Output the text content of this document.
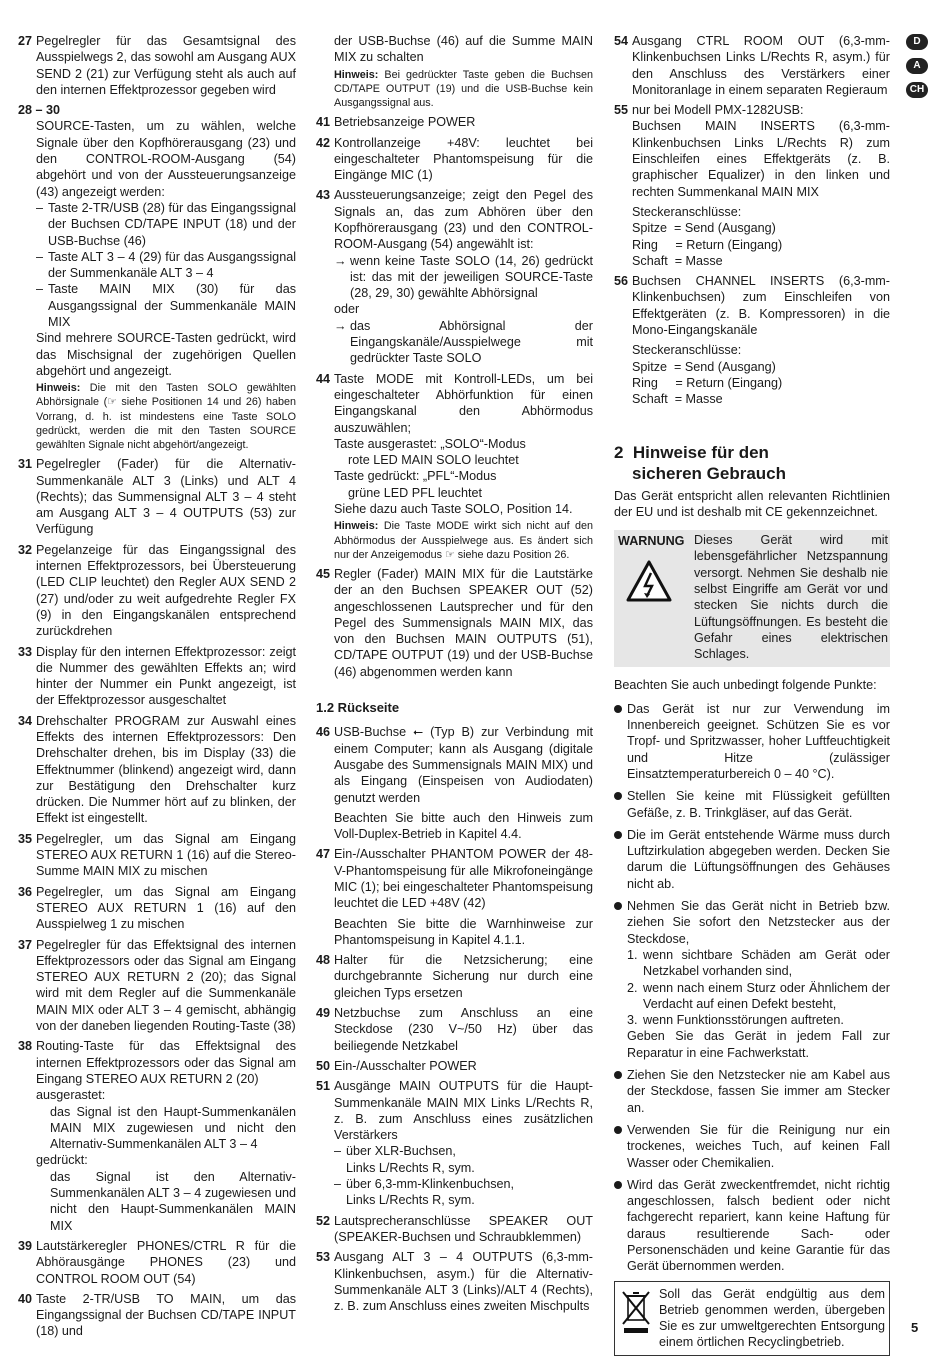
D
A
CH
27 Pegelregler für das Gesamtsignal des Ausspielwegs 2, das sowohl am Ausgang AUX SEND 2 (21) zur Verfügung steht als auch auf den internen Effektprozessor gegeben wird

28 – 30

SOURCE-Tasten, um zu wählen, welche Signale über den Kopfhörerausgang (23) und den CONTROL-ROOM-Ausgang (54) abgehört und von der Aussteuerungsanzeige (43) angezeigt werden:

– Taste 2-TR/USB (28) für das Eingangssignal der Buchsen CD/TAPE INPUT (18) und der USB-Buchse (46)
– Taste ALT 3 – 4 (29) für das Ausgangssignal der Summenkanäle ALT 3 – 4
– Taste MAIN MIX (30) für das Ausgangssignal der Summenkanäle MAIN MIX

Sind mehrere SOURCE-Tasten gedrückt, wird das Mischsignal der zugehörigen Quellen abgehört und angezeigt.

Hinweis: Die mit den Tasten SOLO gewählten Abhörsignale (☞ siehe Positionen 14 und 26) haben Vorrang, d. h. ist mindestens eine Taste SOLO gedrückt, werden die mit den Tasten SOURCE gewählten Signale nicht abgehört/angezeigt.
31 Pegelregler (Fader) für die Alternativ-Summenkanäle ALT 3 (Links) und ALT 4 (Rechts); das Summensignal ALT 3 – 4 steht am Ausgang ALT 3 – 4 OUTPUTS (53) zur Verfügung

32 Pegelanzeige für das Eingangssignal des internen Effektprozessors, bei Übersteuerung (LED CLIP leuchtet) den Regler AUX SEND 2 (27) und/oder zu weit aufgedrehte Regler FX (9) in den Eingangskanälen entsprechend zurückdrehen

33 Display für den internen Effektprozessor: zeigt die Nummer des gewählten Effekts an; wird hinter der Nummer ein Punkt angezeigt, ist der Effektprozessor ausgeschaltet

34 Drehschalter PROGRAM zur Auswahl eines Effekts des internen Effektprozessors: Den Drehschalter drehen, bis im Display (33) die Effektnummer (blinkend) angezeigt wird, dann zur Bestätigung den Drehschalter kurz drücken. Die Nummer hört auf zu blinken, der Effekt ist eingestellt.

35 Pegelregler, um das Signal am Eingang STEREO AUX RETURN 1 (16) auf die Stereo-Summe MAIN MIX zu mischen

36 Pegelregler, um das Signal am Eingang STEREO AUX RETURN 1 (16) auf den Ausspielweg 1 zu mischen

37 Pegelregler für das Effektsignal des internen Effektprozessors oder das Signal am Eingang STEREO AUX RETURN 2 (20); das Signal wird mit dem Regler auf die Summenkanäle MAIN MIX oder ALT 3 – 4 gemischt, abhängig von der daneben liegenden Routing-Taste (38)

38 Routing-Taste für das Effektsignal des internen Effektprozessors oder das Signal am Eingang STEREO AUX RETURN 2 (20)

ausgerastet:
das Signal ist den Haupt-Summenkanälen MAIN MIX zugewiesen und nicht den Alternativ-Summenkanälen ALT 3 – 4
gedrückt:
das Signal ist den Alternativ-Summenkanälen ALT 3 – 4 zugewiesen und nicht den Haupt-Summenkanälen MAIN MIX
39 Lautstärkeregler PHONES/CTRL R für die Abhörausgänge PHONES (23) und CONTROL ROOM OUT (54)

40 Taste 2-TR/USB TO MAIN, um das Eingangssignal der Buchsen CD/TAPE INPUT (18) und

der USB-Buchse (46) auf die Summe MAIN MIX zu schalten

Hinweis: Bei gedrückter Taste geben die Buchsen CD/TAPE OUTPUT (19) und die USB-Buchse kein Ausgangssignal aus.
41 Betriebsanzeige POWER

42 Kontrollanzeige +48V: leuchtet bei eingeschalteter Phantomspeisung für die Eingänge MIC (1)

43 Aussteuerungsanzeige; zeigt den Pegel des Signals an, das zum Abhören über den Kopfhörerausgang (23) und den CONTROL-ROOM-Ausgang (54) angewählt ist:

→ wenn keine Taste SOLO (14, 26) gedrückt ist: das mit der jeweiligen SOURCE-Taste (28, 29, 30) gewählte Abhörsignal
oder
→ das Abhörsignal der Eingangskanäle/Ausspielwege mit gedrückter Taste SOLO
44 Taste MODE mit Kontroll-LEDs, um bei eingeschalteter Abhörfunktion für einen Eingangskanal den Abhörmodus auszuwählen;

Taste ausgerastet: „SOLO“-Modus
rote LED MAIN SOLO leuchtet
Taste gedrückt: „PFL“-Modus
grüne LED PFL leuchtet
Siehe dazu auch Taste SOLO, Position 14.
Hinweis: Die Taste MODE wirkt sich nicht auf den Abhörmodus der Ausspielwege aus. Es ändert sich nur der Anzeigemodus ☞ siehe dazu Position 26.
45 Regler (Fader) MAIN MIX für die Lautstärke der an den Buchsen SPEAKER OUT (52) angeschlossenen Lautsprecher und für den Pegel des Summensignals MAIN MIX, das von den Buchsen MAIN OUTPUTS (51), CD/TAPE OUTPUT (19) und der USB-Buchse (46) abgenommen werden kann

1.2 Rückseite
46 USB-Buchse ⭠ (Typ B) zur Verbindung mit einem Computer; kann als Ausgang (digitale Ausgabe des Summensignals MAIN MIX) und als Eingang (Einspeisen von Audiodaten) genutzt werden

Beachten Sie bitte auch den Hinweis zum Voll-Duplex-Betrieb in Kapitel 4.4.

47 Ein-/Ausschalter PHANTOM POWER der 48-V-Phantomspeisung für alle Mikrofoneingänge MIC (1); bei eingeschalteter Phantomspeisung leuchtet die LED +48V (42)

Beachten Sie bitte die Warnhinweise zur Phantomspeisung in Kapitel 4.1.1.

48 Halter für die Netzsicherung; eine durchgebrannte Sicherung nur durch eine gleichen Typs ersetzen

49 Netzbuchse zum Anschluss an eine Steckdose (230 V~/50 Hz) über das beiliegende Netzkabel

50 Ein-/Ausschalter POWER

51 Ausgänge MAIN OUTPUTS für die Haupt-Summenkanäle MAIN MIX Links L/Rechts R, z. B. zum Anschluss eines zusätzlichen Verstärkers

– über XLR-Buchsen,
Links L/Rechts R, sym.
– über 6,3-mm-Klinkenbuchsen,
Links L/Rechts R, sym.
52 Lautsprecheranschlüsse SPEAKER OUT (SPEAKER-Buchsen und Schraubklemmen)

53 Ausgang ALT 3 – 4 OUTPUTS (6,3-mm-Klinkenbuchsen, asym.) für die Alternativ-Summenkanäle ALT 3 (Links)/ALT 4 (Rechts), z. B. zum Anschluss eines zweiten Mischpults

54 Ausgang CTRL ROOM OUT (6,3-mm-Klinkenbuchsen Links L/Rechts R, asym.) für den Anschluss des Verstärkers einer Monitoranlage in einem separaten Regieraum

55 nur bei Modell PMX-1282USB:

Buchsen MAIN INSERTS (6,3-mm-Klinkenbuchsen Links L/Rechts R) zum Einschleifen eines Effektgeräts (z. B. graphischer Equalizer) in den linken und rechten Summenkanal MAIN MIX

Steckeranschlüsse:
Spitze  = Send (Ausgang)
Ring     = Return (Eingang)
Schaft  = Masse
56 Buchsen CHANNEL INSERTS (6,3-mm-Klinkenbuchsen) zum Einschleifen von Effektgeräten (z. B. Kompressoren) in die Mono-Eingangskanäle

Steckeranschlüsse:
Spitze  = Send (Ausgang)
Ring     = Return (Eingang)
Schaft  = Masse
2  Hinweise für den
sicheren Gebrauch

Das Gerät entspricht allen relevanten Richtlinien der EU und ist deshalb mit CE gekennzeichnet.

WARNUNG Dieses Gerät wird mit lebensgefährlicher Netzspannung versorgt. Nehmen Sie deshalb nie selbst Eingriffe am Gerät vor und stecken Sie nichts durch die Lüftungsöffnungen. Es besteht die Gefahr eines elektrischen Schlages.

Beachten Sie auch unbedingt folgende Punkte:

Das Gerät ist nur zur Verwendung im Innenbereich geeignet. Schützen Sie es vor Tropf- und Spritzwasser, hoher Luftfeuchtigkeit und Hitze (zulässiger Einsatztemperaturbereich 0 – 40 °C).
Stellen Sie keine mit Flüssigkeit gefüllten Gefäße, z. B. Trinkgläser, auf das Gerät.
Die im Gerät entstehende Wärme muss durch Luftzirkulation abgegeben werden. Decken Sie darum die Lüftungsöffnungen des Gehäuses nicht ab.
Nehmen Sie das Gerät nicht in Betrieb bzw. ziehen Sie sofort den Netzstecker aus der Steckdose,
1. wenn sichtbare Schäden am Gerät oder Netzkabel vorhanden sind,
2. wenn nach einem Sturz oder Ähnlichem der Verdacht auf einen Defekt besteht,
3. wenn Funktionsstörungen auftreten.
Geben Sie das Gerät in jedem Fall zur Reparatur in eine Fachwerkstatt.
Ziehen Sie den Netzstecker nie am Kabel aus der Steckdose, fassen Sie immer am Stecker an.
Verwenden Sie für die Reinigung nur ein trockenes, weiches Tuch, auf keinen Fall Wasser oder Chemikalien.
Wird das Gerät zweckentfremdet, nicht richtig angeschlossen, falsch bedient oder nicht fachgerecht repariert, kann keine Haftung für daraus resultierende Sach- oder Personenschäden und keine Garantie für das Gerät übernommen werden.
Soll das Gerät endgültig aus dem Betrieb genommen werden, übergeben Sie es zur umweltgerechten Entsorgung einem örtlichen Recyclingbetrieb.
5
